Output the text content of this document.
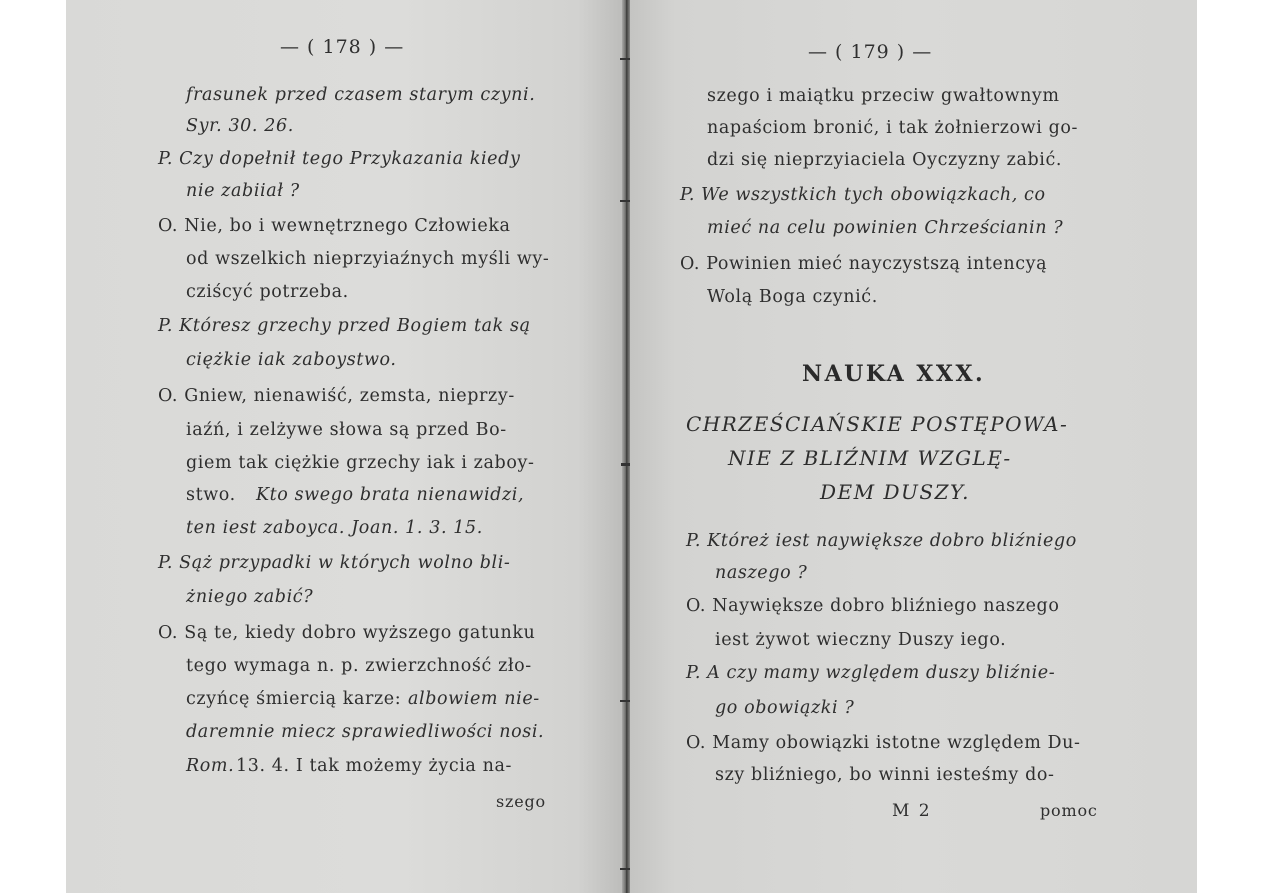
— ( 178 ) —
frasunek przed czasem starym czyni.
Syr. 30. 26.
P. Czy dopełnił tego Przykazania kiedy
nie zabiiał ?
O. Nie, bo i wewnętrznego Człowieka
od wszelkich nieprzyiaźnych myśli wy-
cziścyć potrzeba.
P. Któresz grzechy przed Bogiem tak są
ciężkie iak zaboystwo.
O. Gniew, nienawiść, zemsta, nieprzy-
iaźń, i zelżywe słowa są przed Bo-
giem tak ciężkie grzechy iak i zaboy-
stwo. Kto swego brata nienawidzi,
ten iest zaboyca. Joan. 1. 3. 15.
P. Sąż przypadki w których wolno bli-
żniego zabić?
O. Są te, kiedy dobro wyższego gatunku
tego wymaga n. p. zwierzchność zło-
czyńcę śmiercią karze: albowiem nie-
daremnie miecz sprawiedliwości nosi.
Rom. 13. 4. I tak możemy życia na-
szego
— ( 179 ) —
szego i maiątku przeciw gwałtownym
napaściom bronić, i tak żołnierzowi go-
dzi się nieprzyiaciela Oyczyzny zabić.
P. We wszystkich tych obowiązkach, co
mieć na celu powinien Chrześcianin ?
O. Powinien mieć nayczystszą intencyą
Wolą Boga czynić.
NAUKA XXX.
CHRZEŚCIAŃSKIE POSTĘPOWA-
NIE Z BLIŹNIM WZGLĘ-
DEM DUSZY.
P. Któreż iest naywiększe dobro bliźniego
naszego ?
O. Naywiększe dobro bliźniego naszego
iest żywot wieczny Duszy iego.
P. A czy mamy względem duszy bliźnie-
go obowiązki ?
O. Mamy obowiązki istotne względem Du-
szy bliźniego, bo winni iesteśmy do-
M 2	pomoc
